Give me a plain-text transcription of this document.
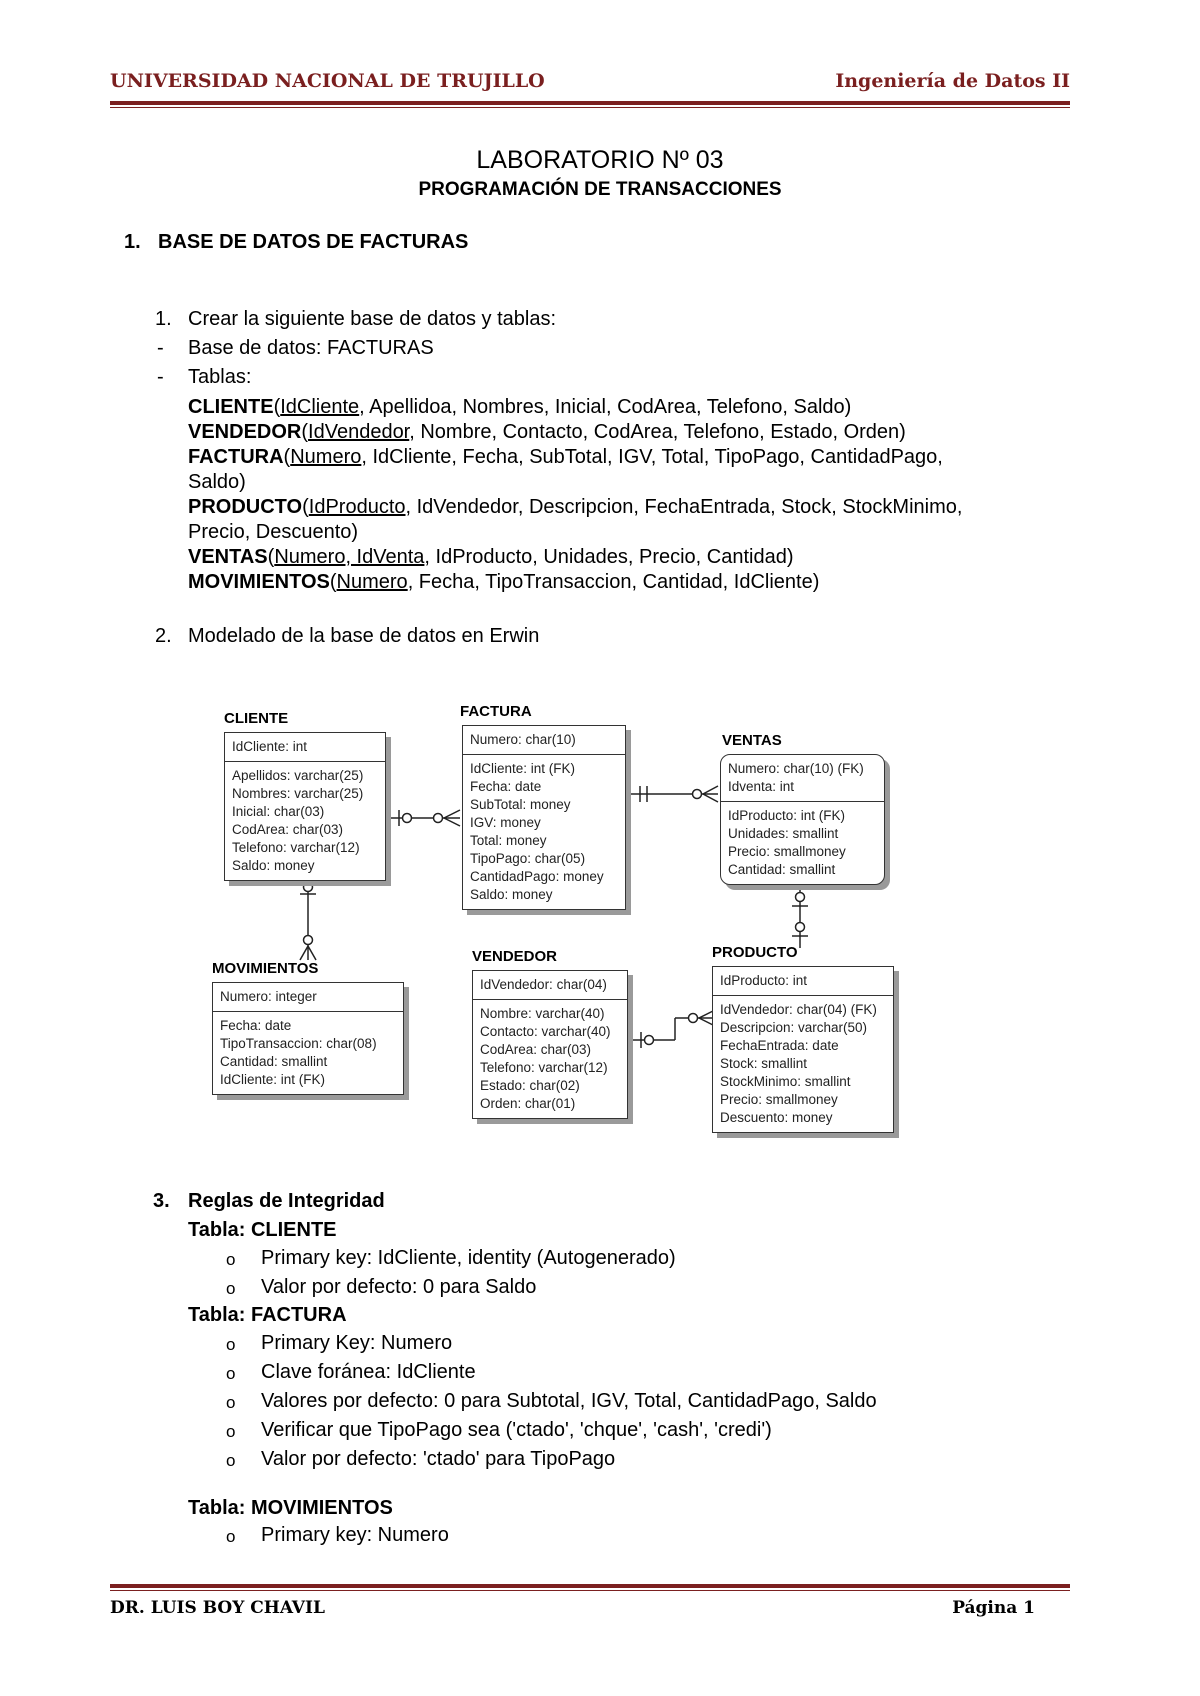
UNIVERSIDAD NACIONAL DE TRUJILLO	Ingeniería de Datos II
LABORATORIO Nº 03
PROGRAMACIÓN DE TRANSACCIONES
1. BASE DE DATOS DE FACTURAS
1. Crear la siguiente base de datos y tablas:
- Base de datos: FACTURAS
- Tablas:
CLIENTE(IdCliente, Apellidoa, Nombres, Inicial, CodArea, Telefono, Saldo)
VENDEDOR(IdVendedor, Nombre, Contacto, CodArea, Telefono, Estado, Orden)
FACTURA(Numero, IdCliente, Fecha, SubTotal, IGV, Total, TipoPago, CantidadPago,
Saldo)
PRODUCTO(IdProducto, IdVendedor, Descripcion, FechaEntrada, Stock, StockMinimo,
Precio, Descuento)
VENTAS(Numero, IdVenta, IdProducto, Unidades, Precio, Cantidad)
MOVIMIENTOS(Numero, Fecha, TipoTransaccion, Cantidad, IdCliente)
2. Modelado de la base de datos en Erwin
CLIENTE
IdCliente: int
Apellidos: varchar(25)
Nombres: varchar(25)
Inicial: char(03)
CodArea: char(03)
Telefono: varchar(12)
Saldo: money
FACTURA
Numero: char(10)
IdCliente: int (FK)
Fecha: date
SubTotal: money
IGV: money
Total: money
TipoPago: char(05)
CantidadPago: money
Saldo: money
VENTAS
Numero: char(10) (FK)
Idventa: int
IdProducto: int (FK)
Unidades: smallint
Precio: smallmoney
Cantidad: smallint
MOVIMIENTOS
Numero: integer
Fecha: date
TipoTransaccion: char(08)
Cantidad: smallint
IdCliente: int (FK)
VENDEDOR
IdVendedor: char(04)
Nombre: varchar(40)
Contacto: varchar(40)
CodArea: char(03)
Telefono: varchar(12)
Estado: char(02)
Orden: char(01)
PRODUCTO
IdProducto: int
IdVendedor: char(04) (FK)
Descripcion: varchar(50)
FechaEntrada: date
Stock: smallint
StockMinimo: smallint
Precio: smallmoney
Descuento: money
3. Reglas de Integridad
Tabla: CLIENTE
o Primary key: IdCliente, identity (Autogenerado)
o Valor por defecto: 0 para Saldo
Tabla: FACTURA
o Primary Key: Numero
o Clave foránea: IdCliente
o Valores por defecto: 0 para Subtotal, IGV, Total, CantidadPago, Saldo
o Verificar que TipoPago sea ('ctado', 'chque', 'cash', 'credi')
o Valor por defecto: 'ctado' para TipoPago
Tabla: MOVIMIENTOS
o Primary key: Numero
DR. LUIS BOY CHAVIL	Página 1
